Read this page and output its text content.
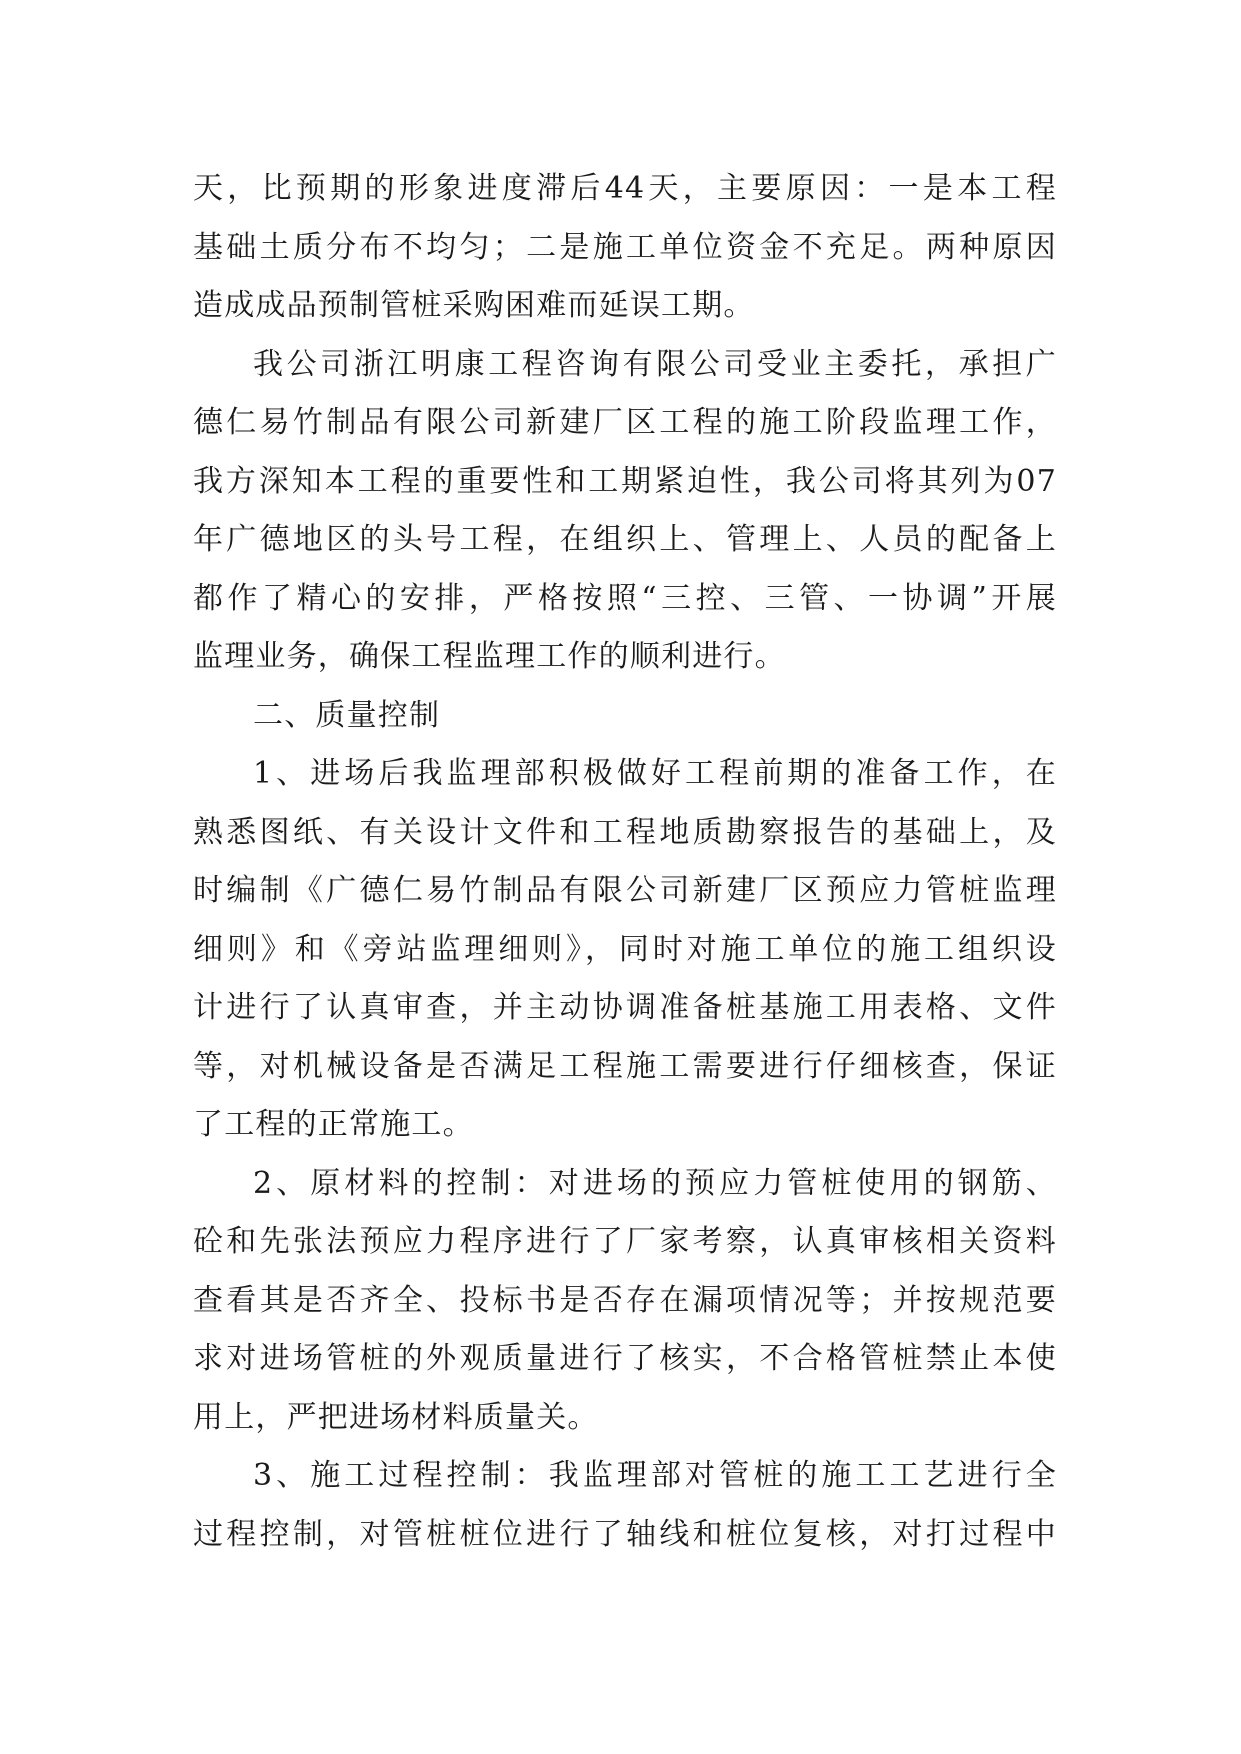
天，比预期的形象进度滞后44天，主要原因：一是本工程
基础土质分布不均匀；二是施工单位资金不充足。两种原因
造成成品预制管桩采购困难而延误工期。
我公司浙江明康工程咨询有限公司受业主委托，承担广
德仁易竹制品有限公司新建厂区工程的施工阶段监理工作，
我方深知本工程的重要性和工期紧迫性，我公司将其列为07
年广德地区的头号工程，在组织上、管理上、人员的配备上
都作了精心的安排，严格按照“三控、三管、一协调”开展
监理业务，确保工程监理工作的顺利进行。
二、质量控制
1、进场后我监理部积极做好工程前期的准备工作，在
熟悉图纸、有关设计文件和工程地质勘察报告的基础上，及
时编制《广德仁易竹制品有限公司新建厂区预应力管桩监理
细则》和《旁站监理细则》，同时对施工单位的施工组织设
计进行了认真审查，并主动协调准备桩基施工用表格、文件
等，对机械设备是否满足工程施工需要进行仔细核查，保证
了工程的正常施工。
2、原材料的控制：对进场的预应力管桩使用的钢筋、
砼和先张法预应力程序进行了厂家考察，认真审核相关资料
查看其是否齐全、投标书是否存在漏项情况等；并按规范要
求对进场管桩的外观质量进行了核实，不合格管桩禁止本使
用上，严把进场材料质量关。
3、施工过程控制：我监理部对管桩的施工工艺进行全
过程控制，对管桩桩位进行了轴线和桩位复核，对打过程中
